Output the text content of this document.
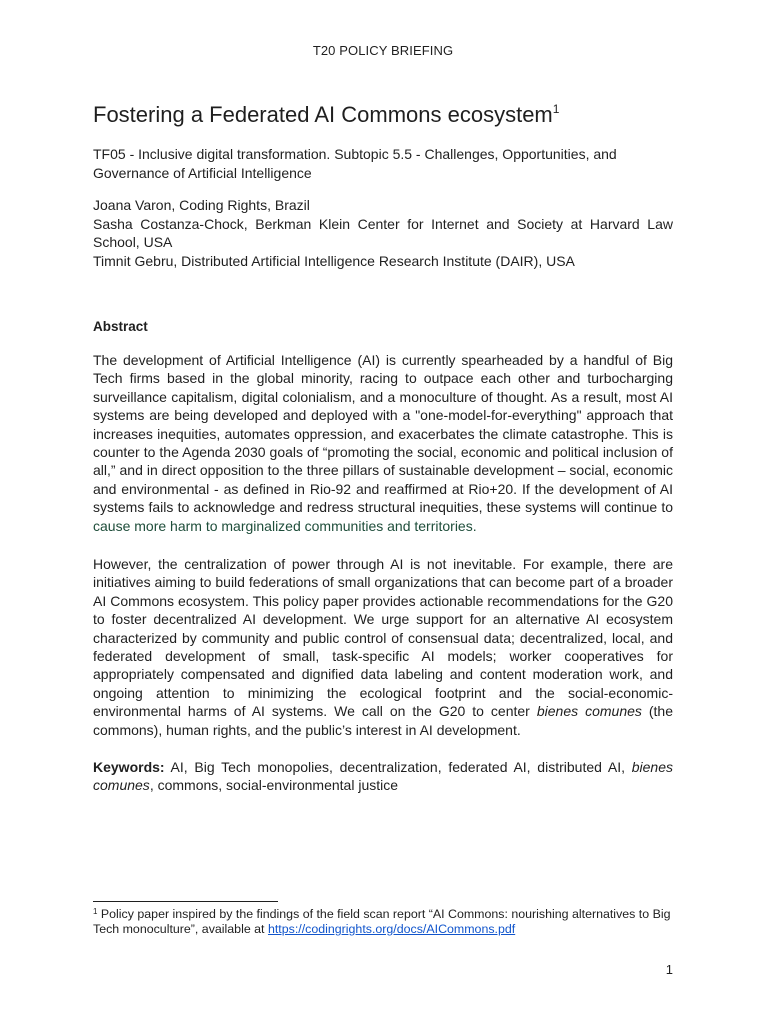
T20 POLICY BRIEFING
Fostering a Federated AI Commons ecosystem$^1$

TF05 - Inclusive digital transformation. Subtopic 5.5 - Challenges, Opportunities, and Governance of Artificial Intelligence

Joana Varon, Coding Rights, Brazil
Sasha Costanza-Chock, Berkman Klein Center for Internet and Society at Harvard Law School, USA
Timnit Gebru, Distributed Artificial Intelligence Research Institute (DAIR), USA
Abstract

The development of Artificial Intelligence (AI) is currently spearheaded by a handful of Big Tech firms based in the global minority, racing to outpace each other and turbocharging surveillance capitalism, digital colonialism, and a monoculture of thought. As a result, most AI systems are being developed and deployed with a "one-model-for-everything" approach that increases inequities, automates oppression, and exacerbates the climate catastrophe. This is counter to the Agenda 2030 goals of “promoting the social, economic and political inclusion of all,” and in direct opposition to the three pillars of sustainable development – social, economic and environmental - as defined in Rio-92 and reaffirmed at Rio+20. If the development of AI systems fails to acknowledge and redress structural inequities, these systems will continue to cause more harm to marginalized communities and territories.

However, the centralization of power through AI is not inevitable. For example, there are initiatives aiming to build federations of small organizations that can become part of a broader AI Commons ecosystem. This policy paper provides actionable recommendations for the G20 to foster decentralized AI development. We urge support for an alternative AI ecosystem characterized by community and public control of consensual data; decentralized, local, and federated development of small, task-specific AI models; worker cooperatives for appropriately compensated and dignified data labeling and content moderation work, and ongoing attention to minimizing the ecological footprint and the social-economic-environmental harms of AI systems. We call on the G20 to center bienes comunes (the commons), human rights, and the public’s interest in AI development.

Keywords: AI, Big Tech monopolies, decentralization, federated AI, distributed AI, bienes comunes, commons, social-environmental justice

$^1$ Policy paper inspired by the findings of the field scan report “AI Commons: nourishing alternatives to Big Tech monoculture”, available at https://codingrights.org/docs/AICommons.pdf

1
